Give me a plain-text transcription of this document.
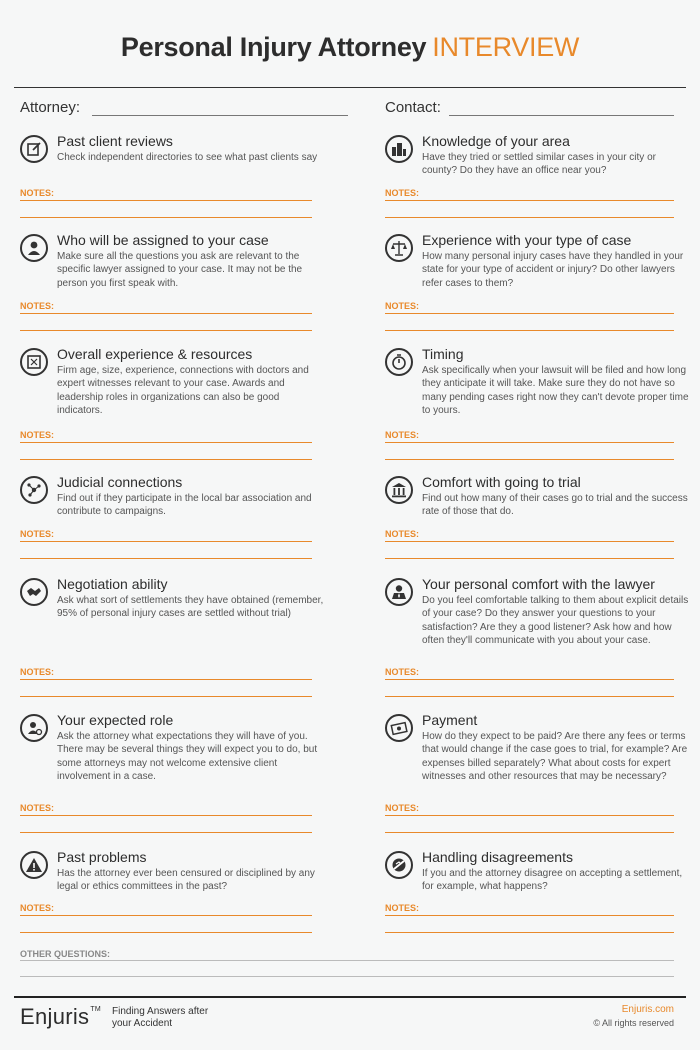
Personal Injury Attorney INTERVIEW
Attorney:	Contact:
Past client reviews
Check independent directories to see what past clients say
NOTES:
Who will be assigned to your case
Make sure all the questions you ask are relevant to the specific lawyer assigned to your case. It may not be the person you first speak with.
NOTES:
Overall experience & resources
Firm age, size, experience, connections with doctors and expert witnesses relevant to your case. Awards and leadership roles in organizations can also be good indicators.
NOTES:
Judicial connections
Find out if they participate in the local bar association and contribute to campaigns.
NOTES:
Negotiation ability
Ask what sort of settlements they have obtained (remember, 95% of personal injury cases are settled without trial)
NOTES:
Your expected role
Ask the attorney what expectations they will have of you. There may be several things they will expect you to do, but some attorneys may not welcome extensive client involvement in a case.
NOTES:
Past problems
Has the attorney ever been censured or disciplined by any legal or ethics committees in the past?
NOTES:
Knowledge of your area
Have they tried or settled similar cases in your city or county? Do they have an office near you?
NOTES:
Experience with your type of case
How many personal injury cases have they handled in your state for your type of accident or injury? Do other lawyers refer cases to them?
NOTES:
Timing
Ask specifically when your lawsuit will be filed and how long they anticipate it will take. Make sure they do not have so many pending cases right now they can't devote proper time to yours.
NOTES:
Comfort with going to trial
Find out how many of their cases go to trial and the success rate of those that do.
NOTES:
Your personal comfort with the lawyer
Do you feel comfortable talking to them about explicit details of your case? Do they answer your questions to your satisfaction? Are they a good listener? Ask how and how often they'll communicate with you about your case.
NOTES:
Payment
How do they expect to be paid? Are there any fees or terms that would change if the case goes to trial, for example? Are expenses billed separately? What about costs for expert witnesses and other resources that may be necessary?
NOTES:
Handling disagreements
If you and the attorney disagree on accepting a settlement, for example, what happens?
NOTES:
OTHER QUESTIONS:
Enjuris™ Finding Answers after your Accident
Enjuris.com
© All rights reserved
